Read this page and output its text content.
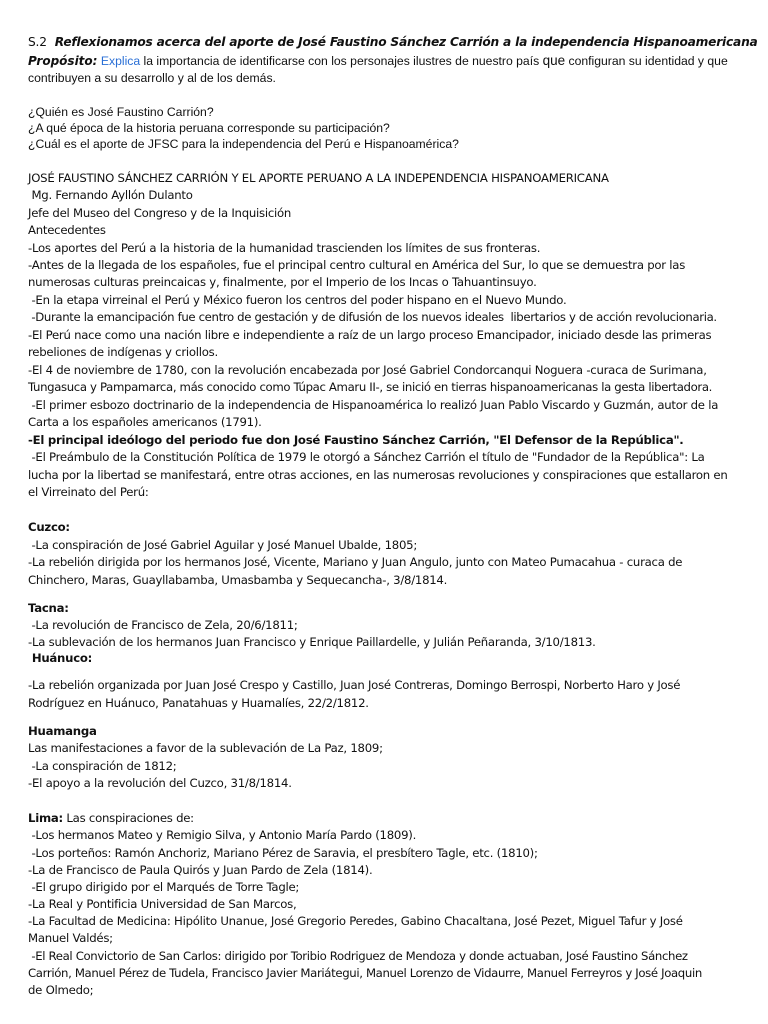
S.2 Reflexionamos acerca del aporte de José Faustino Sánchez Carrión a la independencia Hispanoamericana
Propósito: Explica la importancia de identificarse con los personajes ilustres de nuestro país que configuran su identidad y que
contribuyen a su desarrollo y al de los demás.
¿Quién es José Faustino Carrión?
¿A qué época de la historia peruana corresponde su participación?
¿Cuál es el aporte de JFSC para la independencia del Perú e Hispanoamérica?
JOSÉ FAUSTINO SÁNCHEZ CARRIÓN Y EL APORTE PERUANO A LA INDEPENDENCIA HISPANOAMERICANA
Mg. Fernando Ayllón Dulanto
Jefe del Museo del Congreso y de la Inquisición
Antecedentes
-Los aportes del Perú a la historia de la humanidad trascienden los límites de sus fronteras.
-Antes de la llegada de los españoles, fue el principal centro cultural en América del Sur, lo que se demuestra por las
numerosas culturas preincaicas y, finalmente, por el Imperio de los Incas o Tahuantinsuyo.
-En la etapa virreinal el Perú y México fueron los centros del poder hispano en el Nuevo Mundo.
-Durante la emancipación fue centro de gestación y de difusión de los nuevos ideales  libertarios y de acción revolucionaria.
-El Perú nace como una nación libre e independiente a raíz de un largo proceso Emancipador, iniciado desde las primeras
rebeliones de indígenas y criollos.
-El 4 de noviembre de 1780, con la revolución encabezada por José Gabriel Condorcanqui Noguera -curaca de Surimana,
Tungasuca y Pampamarca, más conocido como Túpac Amaru II-, se inició en tierras hispanoamericanas la gesta libertadora.
-El primer esbozo doctrinario de la independencia de Hispanoamérica lo realizó Juan Pablo Viscardo y Guzmán, autor de la
Carta a los españoles americanos (1791).
-El principal ideólogo del periodo fue don José Faustino Sánchez Carrión, "El Defensor de la República".
-El Preámbulo de la Constitución Política de 1979 le otorgó a Sánchez Carrión el título de "Fundador de la República": La
lucha por la libertad se manifestará, entre otras acciones, en las numerosas revoluciones y conspiraciones que estallaron en
el Virreinato del Perú:
Cuzco:
-La conspiración de José Gabriel Aguilar y José Manuel Ubalde, 1805;
-La rebelión dirigida por los hermanos José, Vicente, Mariano y Juan Angulo, junto con Mateo Pumacahua - curaca de
Chinchero, Maras, Guayllabamba, Umasbamba y Sequecancha-, 3/8/1814.
Tacna:
-La revolución de Francisco de Zela, 20/6/1811;
-La sublevación de los hermanos Juan Francisco y Enrique Paillardelle, y Julián Peñaranda, 3/10/1813.
Huánuco:
-La rebelión organizada por Juan José Crespo y Castillo, Juan José Contreras, Domingo Berrospi, Norberto Haro y José
Rodríguez en Huánuco, Panatahuas y Huamalíes, 22/2/1812.
Huamanga
Las manifestaciones a favor de la sublevación de La Paz, 1809;
-La conspiración de 1812;
-El apoyo a la revolución del Cuzco, 31/8/1814.
Lima: Las conspiraciones de:
-Los hermanos Mateo y Remigio Silva, y Antonio María Pardo (1809).
-Los porteños: Ramón Anchoriz, Mariano Pérez de Saravia, el presbítero Tagle, etc. (1810);
-La de Francisco de Paula Quirós y Juan Pardo de Zela (1814).
-El grupo dirigido por el Marqués de Torre Tagle;
-La Real y Pontificia Universidad de San Marcos,
-La Facultad de Medicina: Hipólito Unanue, José Gregorio Peredes, Gabino Chacaltana, José Pezet, Miguel Tafur y José
Manuel Valdés;
-El Real Convictorio de San Carlos: dirigido por Toribio Rodriguez de Mendoza y donde actuaban, José Faustino Sánchez
Carrión, Manuel Pérez de Tudela, Francisco Javier Mariátegui, Manuel Lorenzo de Vidaurre, Manuel Ferreyros y José Joaquin
de Olmedo;
